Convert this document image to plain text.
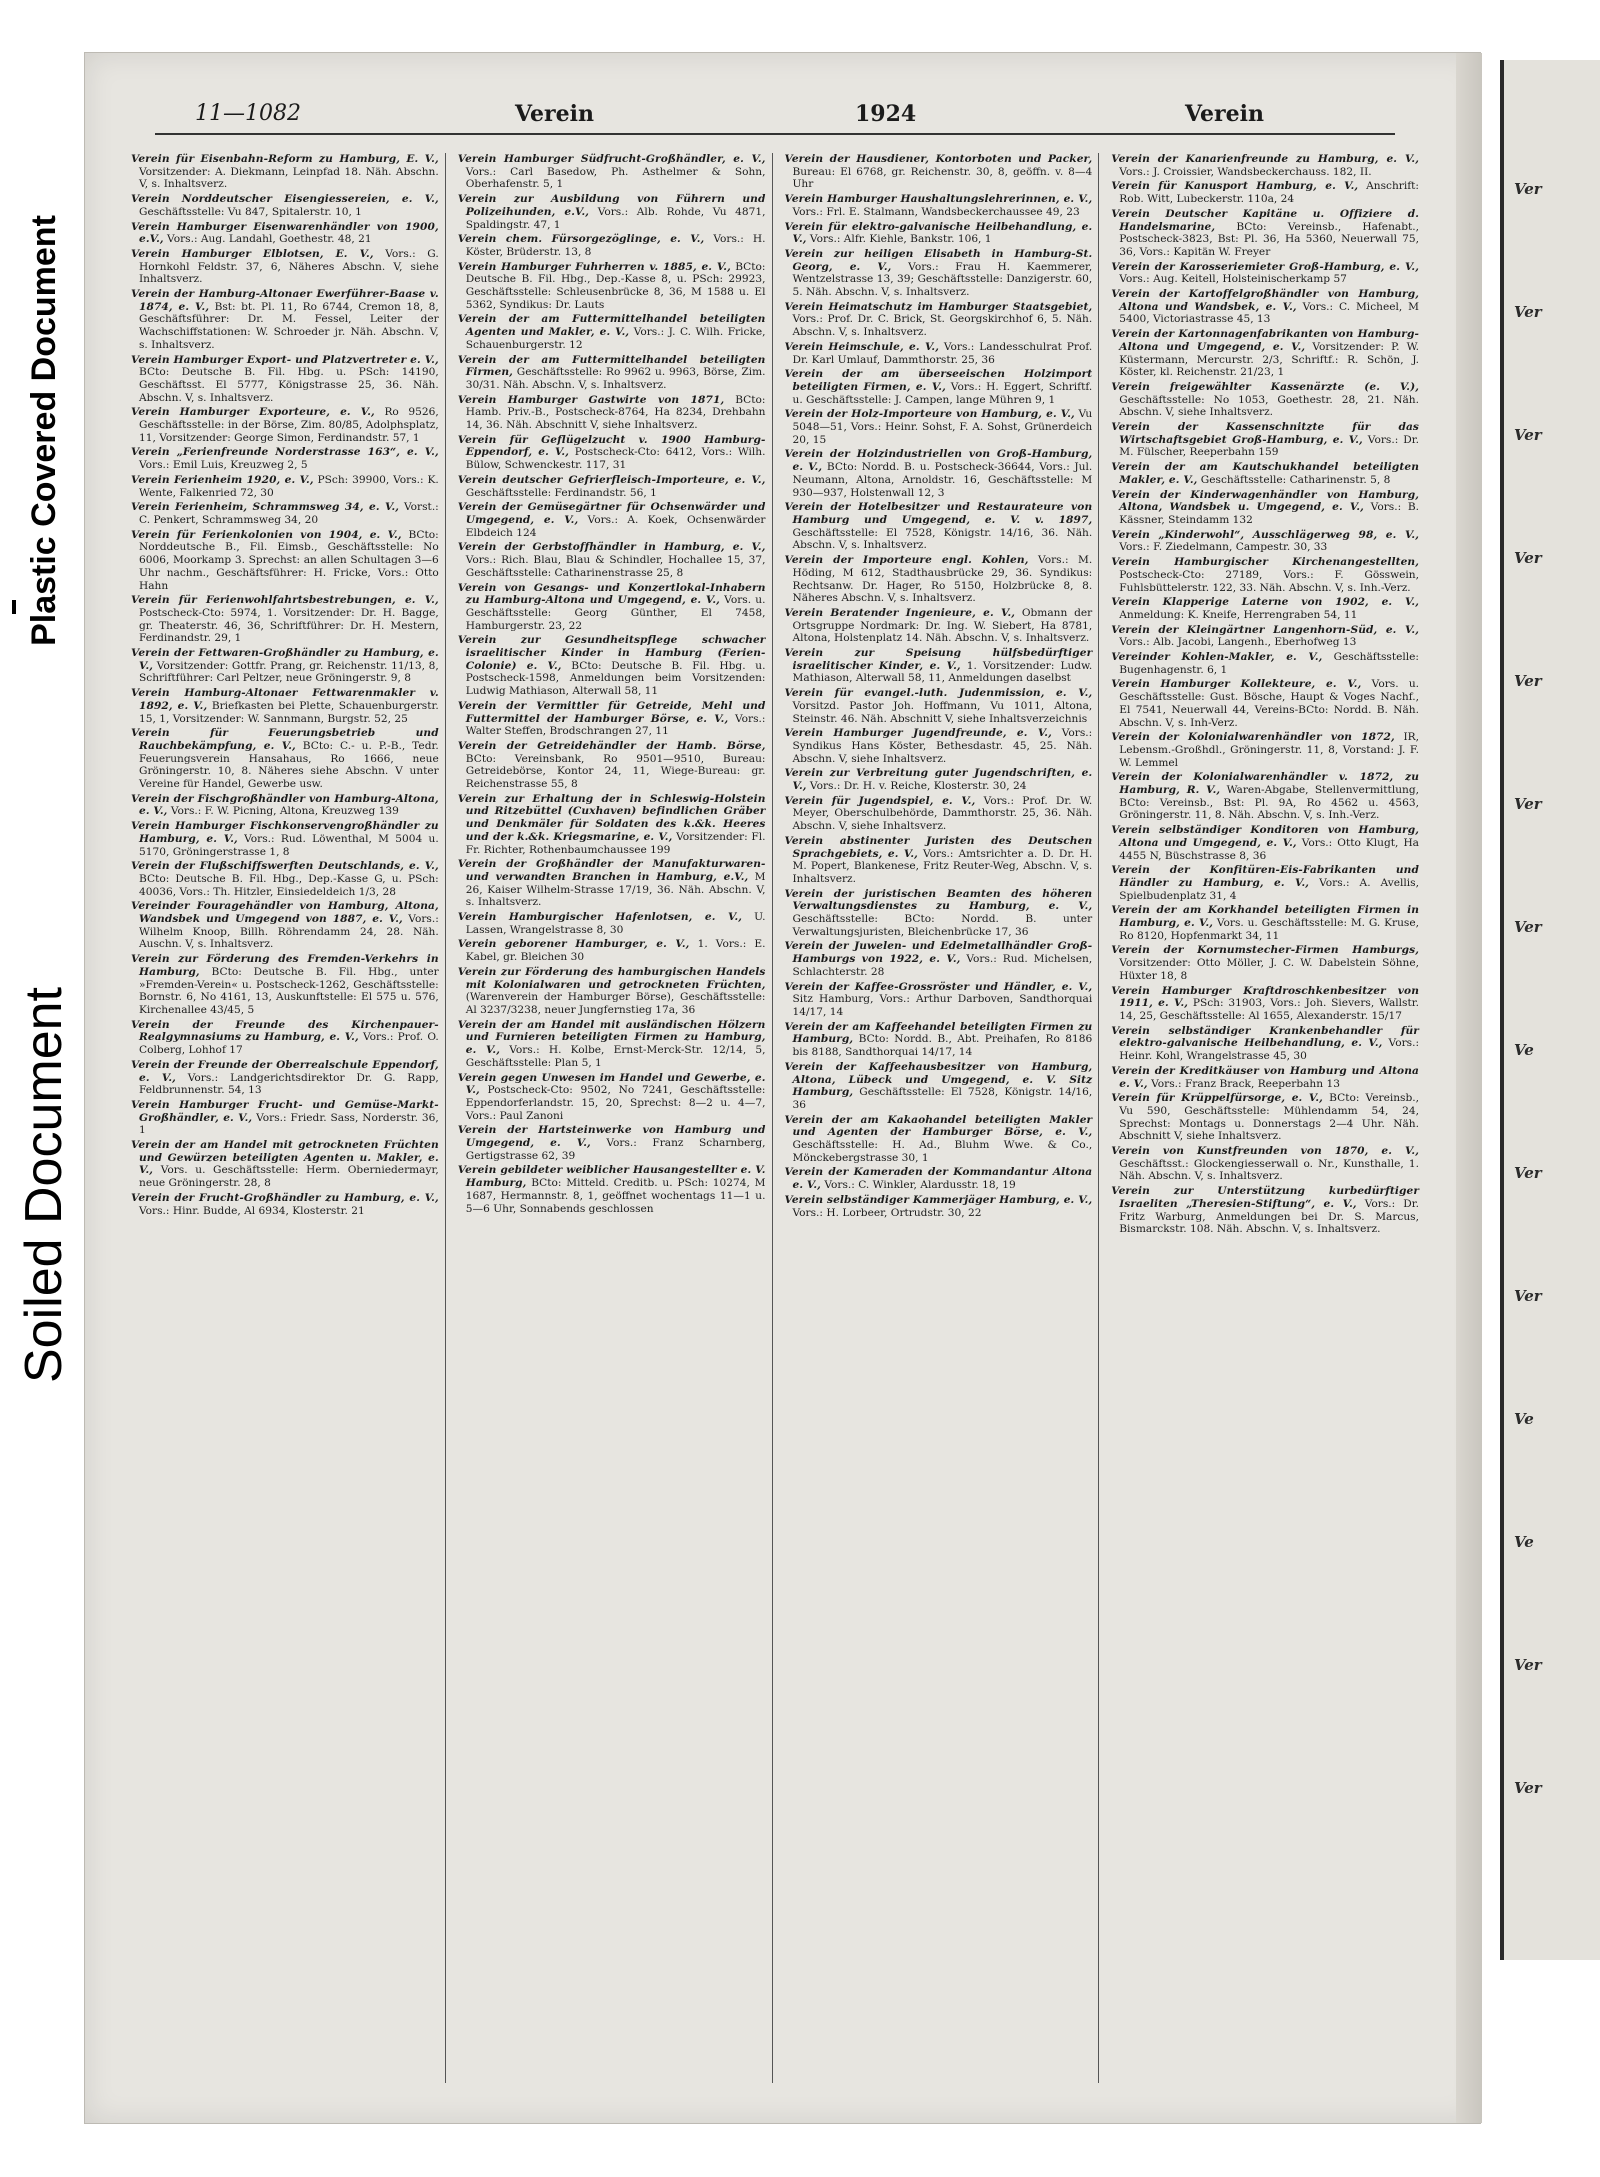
Plastic Covered Document
Soiled Document
Ver
Ver
Ver
Ver
Ver
Ver
Ver
Ve
Ver
Ver
Ve
Ve
Ver
Ver
11—1082	Verein	1924	Verein

Verein für Eisenbahn-Reform zu Hamburg, E. V., Vorsitzender: A. Diekmann, Leinpfad 18. Näh. Abschn. V, s. Inhaltsverz.

Verein Norddeutscher Eisengiessereien, e. V., Geschäftsstelle: Vu 847, Spitalerstr. 10, 1

Verein Hamburger Eisenwarenhändler von 1900, e.V., Vors.: Aug. Landahl, Goethestr. 48, 21

Verein Hamburger Elblotsen, E. V., Vors.: G. Hornkohl Feldstr. 37, 6, Näheres Abschn. V, siehe Inhaltsverz.

Verein der Hamburg-Altonaer Ewerführer-Baase v. 1874, e. V., Bst: bt. Pl. 11, Ro 6744, Cremon 18, 8, Geschäftsführer: Dr. M. Fessel, Leiter der Wachschiffstationen: W. Schroeder jr. Näh. Abschn. V, s. Inhaltsverz.

Verein Hamburger Export- und Platzvertreter e. V., BCto: Deutsche B. Fil. Hbg. u. PSch: 14190, Geschäftsst. El 5777, Königstrasse 25, 36. Näh. Abschn. V, s. Inhaltsverz.

Verein Hamburger Exporteure, e. V., Ro 9526, Geschäftsstelle: in der Börse, Zim. 80/85, Adolphsplatz, 11, Vorsitzender: George Simon, Ferdinandstr. 57, 1

Verein „Ferienfreunde Norderstrasse 163“, e. V., Vors.: Emil Luis, Kreuzweg 2, 5

Verein Ferienheim 1920, e. V., PSch: 39900, Vors.: K. Wente, Falkenried 72, 30

Verein Ferienheim, Schrammsweg 34, e. V., Vorst.: C. Penkert, Schrammsweg 34, 20

Verein für Ferienkolonien von 1904, e. V., BCto: Norddeutsche B., Fil. Eimsb., Geschäftsstelle: No 6006, Moorkamp 3. Sprechst: an allen Schultagen 3—6 Uhr nachm., Geschäftsführer: H. Fricke, Vors.: Otto Hahn

Verein für Ferienwohlfahrtsbestrebungen, e. V., Postscheck-Cto: 5974, 1. Vorsitzender: Dr. H. Bagge, gr. Theaterstr. 46, 36, Schriftführer: Dr. H. Mestern, Ferdinandstr. 29, 1

Verein der Fettwaren-Großhändler zu Hamburg, e. V., Vorsitzender: Gottfr. Prang, gr. Reichenstr. 11/13, 8, Schriftführer: Carl Peltzer, neue Gröningerstr. 9, 8

Verein Hamburg-Altonaer Fettwarenmakler v. 1892, e. V., Briefkasten bei Plette, Schauenburgerstr. 15, 1, Vorsitzender: W. Sannmann, Burgstr. 52, 25

Verein für Feuerungsbetrieb und Rauchbekämpfung, e. V., BCto: C.- u. P.-B., Tedr. Feuerungsverein Hansahaus, Ro 1666, neue Gröningerstr. 10, 8. Näheres siehe Abschn. V unter Vereine für Handel, Gewerbe usw.

Verein der Fischgroßhändler von Hamburg-Altona, e. V., Vors.: F. W. Picning, Altona, Kreuzweg 139

Verein Hamburger Fischkonservengroßhändler zu Hamburg, e. V., Vors.: Rud. Löwenthal, M 5004 u. 5170, Gröningerstrasse 1, 8

Verein der Flußschiffswerften Deutschlands, e. V., BCto: Deutsche B. Fil. Hbg., Dep.-Kasse G, u. PSch: 40036, Vors.: Th. Hitzler, Einsiedeldeich 1/3, 28

Vereinder Fouragehändler von Hamburg, Altona, Wandsbek und Umgegend von 1887, e. V., Vors.: Wilhelm Knoop, Billh. Röhrendamm 24, 28. Näh. Auschn. V, s. Inhaltsverz.

Verein zur Förderung des Fremden-Verkehrs in Hamburg, BCto: Deutsche B. Fil. Hbg., unter »Fremden-Verein« u. Postscheck-1262, Geschäftsstelle: Bornstr. 6, No 4161, 13, Auskunftstelle: El 575 u. 576, Kirchenallee 43/45, 5

Verein der Freunde des Kirchenpauer-Realgymnasiums zu Hamburg, e. V., Vors.: Prof. O. Colberg, Lohhof 17

Verein der Freunde der Oberrealschule Eppendorf, e. V., Vors.: Landgerichtsdirektor Dr. G. Rapp, Feldbrunnenstr. 54, 13

Verein Hamburger Frucht- und Gemüse-Markt-Großhändler, e. V., Vors.: Friedr. Sass, Norderstr. 36, 1

Verein der am Handel mit getrockneten Früchten und Gewürzen beteiligten Agenten u. Makler, e. V., Vors. u. Geschäftsstelle: Herm. Oberniedermayr, neue Gröningerstr. 28, 8

Verein der Frucht-Großhändler zu Hamburg, e. V., Vors.: Hinr. Budde, Al 6934, Klosterstr. 21

Verein Hamburger Südfrucht-Großhändler, e. V., Vors.: Carl Basedow, Ph. Asthelmer & Sohn, Oberhafenstr. 5, 1

Verein zur Ausbildung von Führern und Polizeihunden, e.V., Vors.: Alb. Rohde, Vu 4871, Spaldingstr. 47, 1

Verein chem. Fürsorgezöglinge, e. V., Vors.: H. Köster, Brüderstr. 13, 8

Verein Hamburger Fuhrherren v. 1885, e. V., BCto: Deutsche B. Fil. Hbg., Dep.-Kasse 8, u. PSch: 29923, Geschäftsstelle: Schleusenbrücke 8, 36, M 1588 u. El 5362, Syndikus: Dr. Lauts

Verein der am Futtermittelhandel beteiligten Agenten und Makler, e. V., Vors.: J. C. Wilh. Fricke, Schauenburgerstr. 12

Verein der am Futtermittelhandel beteiligten Firmen, Geschäftsstelle: Ro 9962 u. 9963, Börse, Zim. 30/31. Näh. Abschn. V, s. Inhaltsverz.

Verein Hamburger Gastwirte von 1871, BCto: Hamb. Priv.-B., Postscheck-8764, Ha 8234, Drehbahn 14, 36. Näh. Abschnitt V, siehe Inhaltsverz.

Verein für Geflügelzucht v. 1900 Hamburg-Eppendorf, e. V., Postscheck-Cto: 6412, Vors.: Wilh. Bülow, Schwenckestr. 117, 31

Verein deutscher Gefrierfleisch-Importeure, e. V., Geschäftsstelle: Ferdinandstr. 56, 1

Verein der Gemüsegärtner für Ochsenwärder und Umgegend, e. V., Vors.: A. Koek, Ochsenwärder Elbdeich 124

Verein der Gerbstoffhändler in Hamburg, e. V., Vors.: Rich. Blau, Blau & Schindler, Hochallee 15, 37, Geschäftsstelle: Catharinenstrasse 25, 8

Verein von Gesangs- und Konzertlokal-Inhabern zu Hamburg-Altona und Umgegend, e. V., Vors. u. Geschäftsstelle: Georg Günther, El 7458, Hamburgerstr. 23, 22

Verein zur Gesundheitspflege schwacher israelitischer Kinder in Hamburg (Ferien-Colonie) e. V., BCto: Deutsche B. Fil. Hbg. u. Postscheck-1598, Anmeldungen beim Vorsitzenden: Ludwig Mathiason, Alterwall 58, 11

Verein der Vermittler für Getreide, Mehl und Futtermittel der Hamburger Börse, e. V., Vors.: Walter Steffen, Brodschrangen 27, 11

Verein der Getreidehändler der Hamb. Börse, BCto: Vereinsbank, Ro 9501—9510, Bureau: Getreidebörse, Kontor 24, 11, Wiege-Bureau: gr. Reichenstrasse 55, 8

Verein zur Erhaltung der in Schleswig-Holstein und Ritzebüttel (Cuxhaven) befindlichen Gräber und Denkmäler für Soldaten des k.&k. Heeres und der k.&k. Kriegsmarine, e. V., Vorsitzender: Fl. Fr. Richter, Rothenbaumchaussee 199

Verein der Großhändler der Manufakturwaren- und verwandten Branchen in Hamburg, e.V., M 26, Kaiser Wilhelm-Strasse 17/19, 36. Näh. Abschn. V, s. Inhaltsverz.

Verein Hamburgischer Hafenlotsen, e. V., U. Lassen, Wrangelstrasse 8, 30

Verein geborener Hamburger, e. V., 1. Vors.: E. Kabel, gr. Bleichen 30

Verein zur Förderung des hamburgischen Handels mit Kolonialwaren und getrockneten Früchten, (Warenverein der Hamburger Börse), Geschäftsstelle: Al 3237/3238, neuer Jungfernstieg 17a, 36

Verein der am Handel mit ausländischen Hölzern und Furnieren beteiligten Firmen zu Hamburg, e. V., Vors.: H. Kolbe, Ernst-Merck-Str. 12/14, 5, Geschäftsstelle: Plan 5, 1

Verein gegen Unwesen im Handel und Gewerbe, e. V., Postscheck-Cto: 9502, No 7241, Geschäftsstelle: Eppendorferlandstr. 15, 20, Sprechst: 8—2 u. 4—7, Vors.: Paul Zanoni

Verein der Hartsteinwerke von Hamburg und Umgegend, e. V., Vors.: Franz Scharnberg, Gertigstrasse 62, 39

Verein gebildeter weiblicher Hausangestellter e. V. Hamburg, BCto: Mitteld. Creditb. u. PSch: 10274, M 1687, Hermannstr. 8, 1, geöffnet wochentags 11—1 u. 5—6 Uhr, Sonnabends geschlossen

Verein der Hausdiener, Kontorboten und Packer, Bureau: El 6768, gr. Reichenstr. 30, 8, geöffn. v. 8—4 Uhr

Verein Hamburger Haushaltungslehrerinnen, e. V., Vors.: Frl. E. Stalmann, Wandsbeckerchaussee 49, 23

Verein für elektro-galvanische Heilbehandlung, e. V., Vors.: Alfr. Kiehle, Bankstr. 106, 1

Verein zur heiligen Elisabeth in Hamburg-St. Georg, e. V., Vors.: Frau H. Kaemmerer, Wentzelstrasse 13, 39; Geschäftsstelle: Danzigerstr. 60, 5. Näh. Abschn. V, s. Inhaltsverz.

Verein Heimatschutz im Hamburger Staatsgebiet, Vors.: Prof. Dr. C. Brick, St. Georgskirchhof 6, 5. Näh. Abschn. V, s. Inhaltsverz.

Verein Heimschule, e. V., Vors.: Landesschulrat Prof. Dr. Karl Umlauf, Dammthorstr. 25, 36

Verein der am überseeischen Holzimport beteiligten Firmen, e. V., Vors.: H. Eggert, Schriftf. u. Geschäftsstelle: J. Campen, lange Mühren 9, 1

Verein der Holz-Importeure von Hamburg, e. V., Vu 5048—51, Vors.: Heinr. Sohst, F. A. Sohst, Grünerdeich 20, 15

Verein der Holzindustriellen von Groß-Hamburg, e. V., BCto: Nordd. B. u. Postscheck-36644, Vors.: Jul. Neumann, Altona, Arnoldstr. 16, Geschäftsstelle: M 930—937, Holstenwall 12, 3

Verein der Hotelbesitzer und Restaurateure von Hamburg und Umgegend, e. V. v. 1897, Geschäftsstelle: El 7528, Königstr. 14/16, 36. Näh. Abschn. V, s. Inhaltsverz.

Verein der Importeure engl. Kohlen, Vors.: M. Höding, M 612, Stadthausbrücke 29, 36. Syndikus: Rechtsanw. Dr. Hager, Ro 5150, Holzbrücke 8, 8. Näheres Abschn. V, s. Inhaltsverz.

Verein Beratender Ingenieure, e. V., Obmann der Ortsgruppe Nordmark: Dr. Ing. W. Siebert, Ha 8781, Altona, Holstenplatz 14. Näh. Abschn. V, s. Inhaltsverz.

Verein zur Speisung hülfsbedürftiger israelitischer Kinder, e. V., 1. Vorsitzender: Ludw. Mathiason, Alterwall 58, 11, Anmeldungen daselbst

Verein für evangel.-luth. Judenmission, e. V., Vorsitzd. Pastor Joh. Hoffmann, Vu 1011, Altona, Steinstr. 46. Näh. Abschnitt V, siehe Inhaltsverzeichnis

Verein Hamburger Jugendfreunde, e. V., Vors.: Syndikus Hans Köster, Bethesdastr. 45, 25. Näh. Abschn. V, siehe Inhaltsverz.

Verein zur Verbreitung guter Jugendschriften, e. V., Vors.: Dr. H. v. Reiche, Klosterstr. 30, 24

Verein für Jugendspiel, e. V., Vors.: Prof. Dr. W. Meyer, Oberschulbehörde, Dammthorstr. 25, 36. Näh. Abschn. V, siehe Inhaltsverz.

Verein abstinenter Juristen des Deutschen Sprachgebiets, e. V., Vors.: Amtsrichter a. D. Dr. H. M. Popert, Blankenese, Fritz Reuter-Weg, Abschn. V, s. Inhaltsverz.

Verein der juristischen Beamten des höheren Verwaltungsdienstes zu Hamburg, e. V., Geschäftsstelle: BCto: Nordd. B. unter Verwaltungsjuristen, Bleichenbrücke 17, 36

Verein der Juwelen- und Edelmetallhändler Groß-Hamburgs von 1922, e. V., Vors.: Rud. Michelsen, Schlachterstr. 28

Verein der Kaffee-Grossröster und Händler, e. V., Sitz Hamburg, Vors.: Arthur Darboven, Sandthorquai 14/17, 14

Verein der am Kaffeehandel beteiligten Firmen zu Hamburg, BCto: Nordd. B., Abt. Preihafen, Ro 8186 bis 8188, Sandthorquai 14/17, 14

Verein der Kaffeehausbesitzer von Hamburg, Altona, Lübeck und Umgegend, e. V. Sitz Hamburg, Geschäftsstelle: El 7528, Königstr. 14/16, 36

Verein der am Kakaohandel beteiligten Makler und Agenten der Hamburger Börse, e. V., Geschäftsstelle: H. Ad., Bluhm Wwe. & Co., Mönckebergstrasse 30, 1

Verein der Kameraden der Kommandantur Altona e. V., Vors.: C. Winkler, Alardusstr. 18, 19

Verein selbständiger Kammerjäger Hamburg, e. V., Vors.: H. Lorbeer, Ortrudstr. 30, 22

Verein der Kanarienfreunde zu Hamburg, e. V., Vors.: J. Croissier, Wandsbeckerchauss. 182, II.

Verein für Kanusport Hamburg, e. V., Anschrift: Rob. Witt, Lubeckerstr. 110a, 24

Verein Deutscher Kapitäne u. Offiziere d. Handelsmarine, BCto: Vereinsb., Hafenabt., Postscheck-3823, Bst: Pl. 36, Ha 5360, Neuerwall 75, 36, Vors.: Kapitän W. Freyer

Verein der Karosseriemieter Groß-Hamburg, e. V., Vors.: Aug. Keitell, Holsteinischerkamp 57

Verein der Kartoffelgroßhändler von Hamburg, Altona und Wandsbek, e. V., Vors.: C. Micheel, M 5400, Victoriastrasse 45, 13

Verein der Kartonnagenfabrikanten von Hamburg-Altona und Umgegend, e. V., Vorsitzender: P. W. Küstermann, Mercurstr. 2/3, Schriftf.: R. Schön, J. Köster, kl. Reichenstr. 21/23, 1

Verein freigewählter Kassenärzte (e. V.), Geschäftsstelle: No 1053, Goethestr. 28, 21. Näh. Abschn. V, siehe Inhaltsverz.

Verein der Kassenschnitzte für das Wirtschaftsgebiet Groß-Hamburg, e. V., Vors.: Dr. M. Fülscher, Reeperbahn 159

Verein der am Kautschukhandel beteiligten Makler, e. V., Geschäftsstelle: Catharinenstr. 5, 8

Verein der Kinderwagenhändler von Hamburg, Altona, Wandsbek u. Umgegend, e. V., Vors.: B. Kässner, Steindamm 132

Verein „Kinderwohl“, Ausschlägerweg 98, e. V., Vors.: F. Ziedelmann, Campestr. 30, 33

Verein Hamburgischer Kirchenangestellten, Postscheck-Cto: 27189, Vors.: F. Gösswein, Fuhlsbüttelerstr. 122, 33. Näh. Abschn. V, s. Inh.-Verz.

Verein Klapperige Laterne von 1902, e. V., Anmeldung: K. Kneife, Herrengraben 54, 11

Verein der Kleingärtner Langenhorn-Süd, e. V., Vors.: Alb. Jacobi, Langenh., Eberhofweg 13

Vereinder Kohlen-Makler, e. V., Geschäftsstelle: Bugenhagenstr. 6, 1

Verein Hamburger Kollekteure, e. V., Vors. u. Geschäftsstelle: Gust. Bösche, Haupt & Voges Nachf., El 7541, Neuerwall 44, Vereins-BCto: Nordd. B. Näh. Abschn. V, s. Inh-Verz.

Verein der Kolonialwarenhändler von 1872, IR, Lebensm.-Großhdl., Gröningerstr. 11, 8, Vorstand: J. F. W. Lemmel

Verein der Kolonialwarenhändler v. 1872, zu Hamburg, R. V., Waren-Abgabe, Stellenvermittlung, BCto: Vereinsb., Bst: Pl. 9A, Ro 4562 u. 4563, Gröningerstr. 11, 8. Näh. Abschn. V, s. Inh.-Verz.

Verein selbständiger Konditoren von Hamburg, Altona und Umgegend, e. V., Vors.: Otto Klugt, Ha 4455 N, Büschstrasse 8, 36

Verein der Konfitüren-Eis-Fabrikanten und Händler zu Hamburg, e. V., Vors.: A. Avellis, Spielbudenplatz 31, 4

Verein der am Korkhandel beteiligten Firmen in Hamburg, e. V., Vors. u. Geschäftsstelle: M. G. Kruse, Ro 8120, Hopfenmarkt 34, 11

Verein der Kornumstecher-Firmen Hamburgs, Vorsitzender: Otto Möller, J. C. W. Dabelstein Söhne, Hüxter 18, 8

Verein Hamburger Kraftdroschkenbesitzer von 1911, e. V., PSch: 31903, Vors.: Joh. Sievers, Wallstr. 14, 25, Geschäftsstelle: Al 1655, Alexanderstr. 15/17

Verein selbständiger Krankenbehandler für elektro-galvanische Heilbehandlung, e. V., Vors.: Heinr. Kohl, Wrangelstrasse 45, 30

Verein der Kreditkäuser von Hamburg und Altona e. V., Vors.: Franz Brack, Reeperbahn 13

Verein für Krüppelfürsorge, e. V., BCto: Vereinsb., Vu 590, Geschäftsstelle: Mühlendamm 54, 24, Sprechst: Montags u. Donnerstags 2—4 Uhr. Näh. Abschnitt V, siehe Inhaltsverz.

Verein von Kunstfreunden von 1870, e. V., Geschäftsst.: Glockengiesserwall o. Nr., Kunsthalle, 1. Näh. Abschn. V, s. Inhaltsverz.

Verein zur Unterstützung kurbedürftiger Israeliten „Theresien-Stiftung“, e. V., Vors.: Dr. Fritz Warburg, Anmeldungen bei Dr. S. Marcus, Bismarckstr. 108. Näh. Abschn. V, s. Inhaltsverz.
